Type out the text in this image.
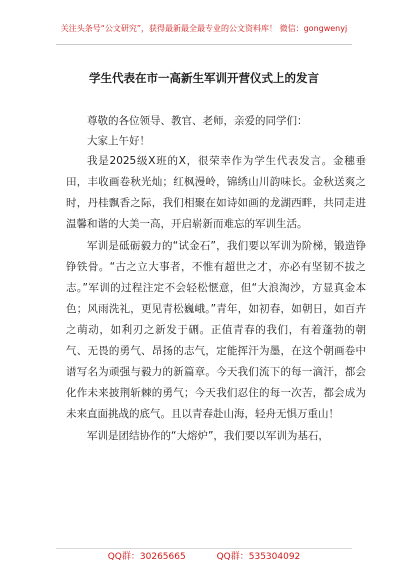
关注头条号“公文研究”，获得最新最全最专业的公文资料库！ 微信：gongwenyj
学生代表在市一高新生军训开营仪式上的发言

尊敬的各位领导、教官、老师，亲爱的同学们：

大家上午好！

我是2025级X班的X，很荣幸作为学生代表发言。金穗垂田，丰收画卷秋光灿；红枫漫岭，锦绣山川韵味长。金秋送爽之时，丹桂飘香之际，我们相聚在如诗如画的龙湖西畔，共同走进温馨和谐的大美一高，开启崭新而难忘的军训生活。

军训是砥砺毅力的“试金石”，我们要以军训为阶梯，锻造铮铮铁骨。“古之立大事者，不惟有超世之才，亦必有坚韧不拔之志。”军训的过程注定不会轻松惬意，但“大浪淘沙，方显真金本色；风雨洗礼，更见青松巍峨。”青年，如初春，如朝日，如百卉之萌动，如利刃之新发于硎。正值青春的我们，有着蓬勃的朝气、无畏的勇气、昂扬的志气，定能挥汗为墨，在这个朝画卷中谱写名为顽强与毅力的新篇章。今天我们流下的每一滴汗，都会化作未来披荆斩棘的勇气；今天我们忍住的每一次苦，都会成为未来直面挑战的底气。且以青春赴山海，轻舟无惧万重山！

军训是团结协作的“大熔炉”，我们要以军训为基石，

QQ群：30265665	QQ群：535304092
